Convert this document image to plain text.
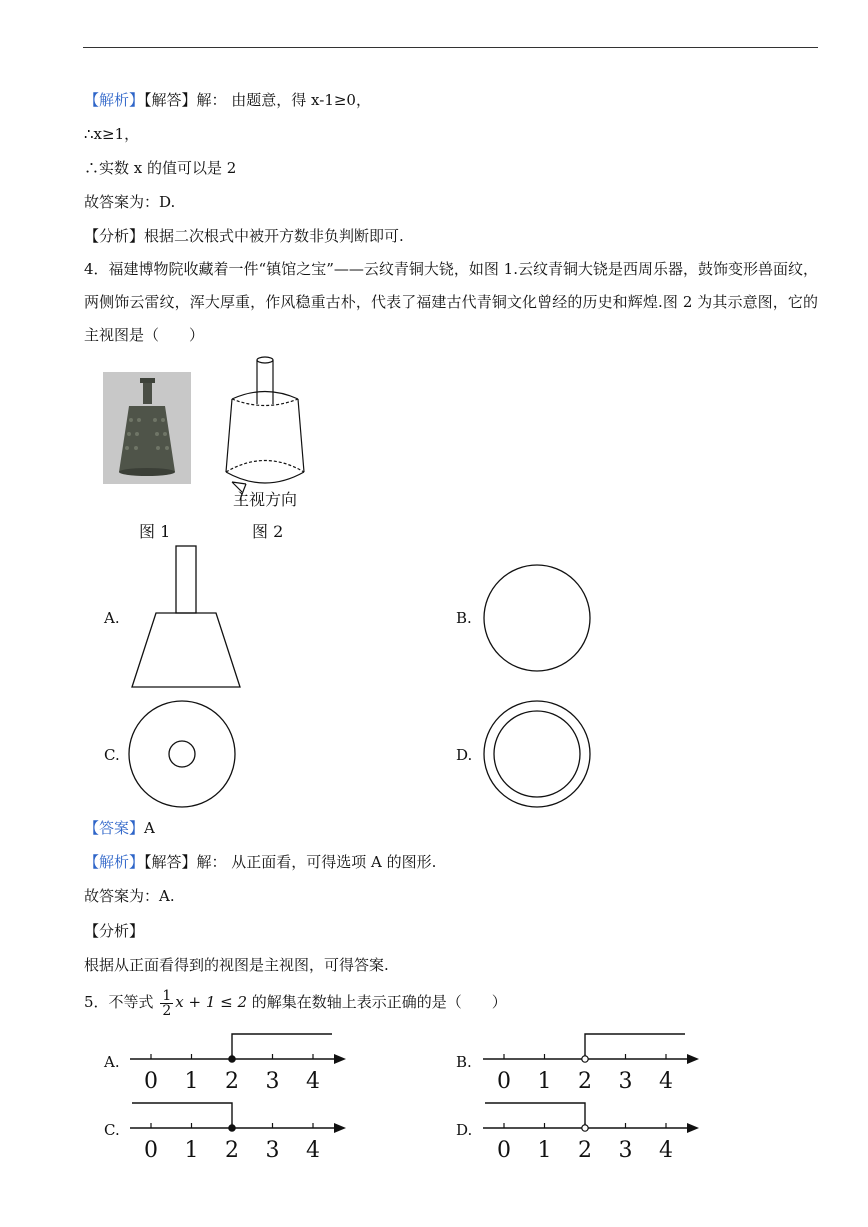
【解析】【解答】解： 由题意，得 x-1≥0，
∴x≥1，
∴实数 x 的值可以是 2
故答案为：D.
【分析】根据二次根式中被开方数非负判断即可.
4．福建博物院收藏着一件“镇馆之宝”——云纹青铜大铙，如图 1.云纹青铜大铙是西周乐器，鼓饰变形兽面纹，两侧饰云雷纹，浑大厚重，作风稳重古朴，代表了福建古代青铜文化曾经的历史和辉煌.图 2 为其示意图，它的主视图是（　　）
主视方向
图 1	图 2
A.	B.
C.	D.
【答案】A
【解析】【解答】解： 从正面看，可得选项 A 的图形.
故答案为：A.
【分析】
根据从正面看得到的视图是主视图，可得答案.
5．不等式 $\frac{1}{2}$ x + 1 ≤ 2 的解集在数轴上表示正确的是（　　）
A.
0 1 2 3 4
B.
0 1 2 3 4
C.
0 1 2 3 4
D.
0 1 2 3 4
